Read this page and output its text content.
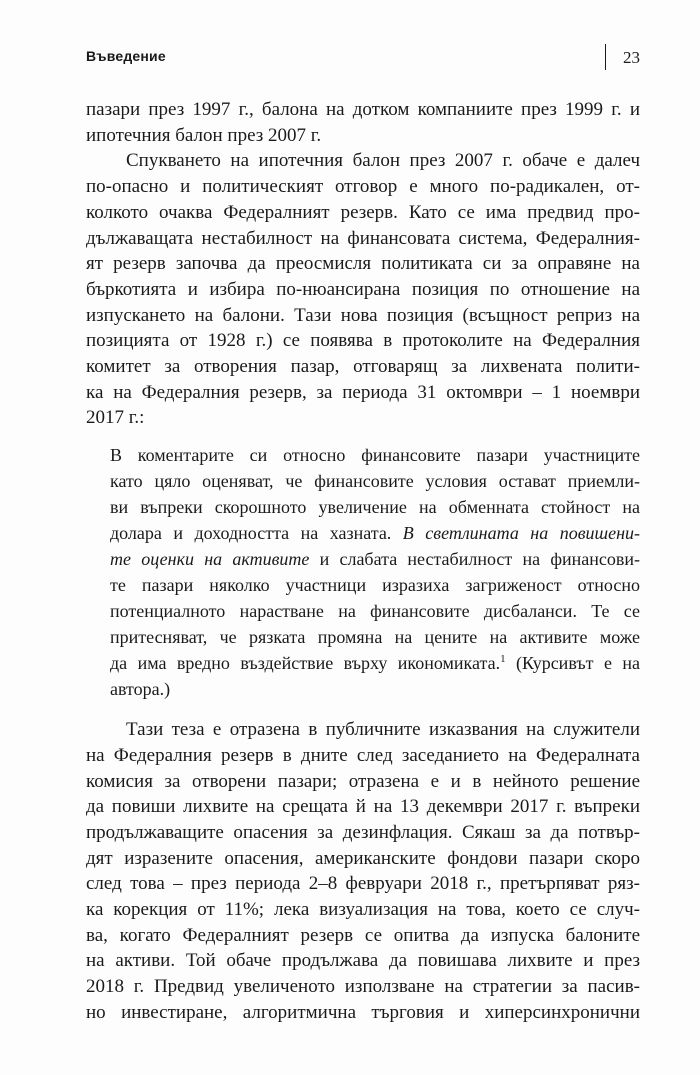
Въведение	23
пазари през 1997 г., балона на дотком компаниите през 1999 г. и
ипотечния балон през 2007 г.
Спукването на ипотечния балон през 2007 г. обаче е далеч
по-опасно и политическият отговор е много по-радикален, от-
колкото очаква Федералният резерв. Като се има предвид про-
дължаващата нестабилност на финансовата система, Федералния-
ят резерв започва да преосмисля политиката си за оправяне на
бъркотията и избира по-нюансирана позиция по отношение на
изпускането на балони. Тази нова позиция (всъщност реприз на
позицията от 1928 г.) се появява в протоколите на Федералния
комитет за отворения пазар, отговарящ за лихвената полити-
ка на Федералния резерв, за периода 31 октомври – 1 ноември
2017 г.:
В коментарите си относно финансовите пазари участниците
като цяло оценяват, че финансовите условия остават приемли-
ви въпреки скорошното увеличение на обменната стойност на
долара и доходността на хазната. В светлината на повишени-
те оценки на активите и слабата нестабилност на финансови-
те пазари няколко участници изразиха загриженост относно
потенциалното нарастване на финансовите дисбаланси. Те се
притесняват, че рязката промяна на цените на активите може
да има вредно въздействие върху икономиката.$^1$ (Курсивът е на
автора.)
Тази теза е отразена в публичните изказвания на служители
на Федералния резерв в дните след заседанието на Федералната
комисия за отворени пазари; отразена е и в нейното решение
да повиши лихвите на срещата й на 13 декември 2017 г. въпреки
продължаващите опасения за дезинфлация. Сякаш за да потвър-
дят изразените опасения, американските фондови пазари скоро
след това – през периода 2–8 февруари 2018 г., претърпяват ряз-
ка корекция от 11%; лека визуализация на това, което се случ-
ва, когато Федералният резерв се опитва да изпуска балоните
на активи. Той обаче продължава да повишава лихвите и през
2018 г. Предвид увеличеното използване на стратегии за пасив-
но инвестиране, алгоритмична търговия и хиперсинхронични
